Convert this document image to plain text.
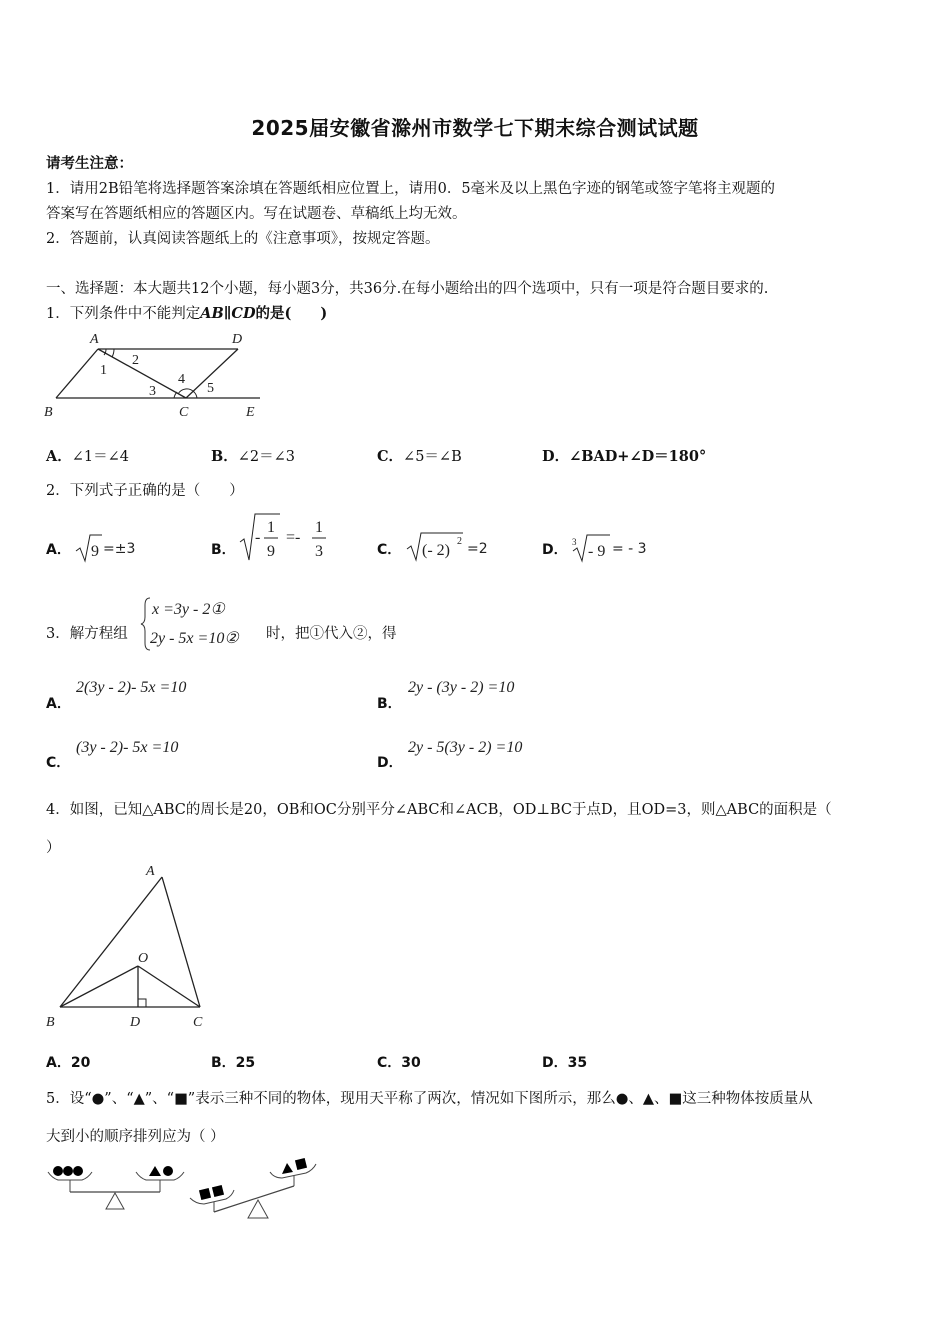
2025届安徽省滁州市数学七下期末综合测试试题
请考生注意：
1．请用2B铅笔将选择题答案涂填在答题纸相应位置上，请用0．5毫米及以上黑色字迹的钢笔或签字笔将主观题的
答案写在答题纸相应的答题区内。写在试题卷、草稿纸上均无效。
2．答题前，认真阅读答题纸上的《注意事项》，按规定答题。
一、选择题：本大题共12个小题，每小题3分，共36分.在每小题给出的四个选项中，只有一项是符合题目要求的.
1．下列条件中不能判定AB∥CD的是(　　)
A	D
B	C	E
1
2
3
4
5
A．∠1＝∠4	B．∠2＝∠3	C．∠5＝∠B	D．∠BAD+∠D＝180°
2．下列式子正确的是（　　）
A． 9 =±3	B．
-
1
9
=-
1
3	C． (- 2)
2 =2	D． 3
- 9 = - 3
3．解方程组
x =3y - 2①
2y - 5x =10② 时，把①代入②，得
A．
2(3y - 2)- 5x =10
B．
2y - (3y - 2) =10
C．
(3y - 2)- 5x =10
D．
2y - 5(3y - 2) =10
4．如图，已知△ABC的周长是20，OB和OC分别平分∠ABC和∠ACB，OD⊥BC于点D，且OD=3，则△ABC的面积是（
）
A
O
B	D	C
A．20	B．25	C．30	D．35
5．设“●”、“▲”、“■”表示三种不同的物体，现用天平称了两次，情况如下图所示，那么●、▲、■这三种物体按质量从
大到小的顺序排列应为（ ）
